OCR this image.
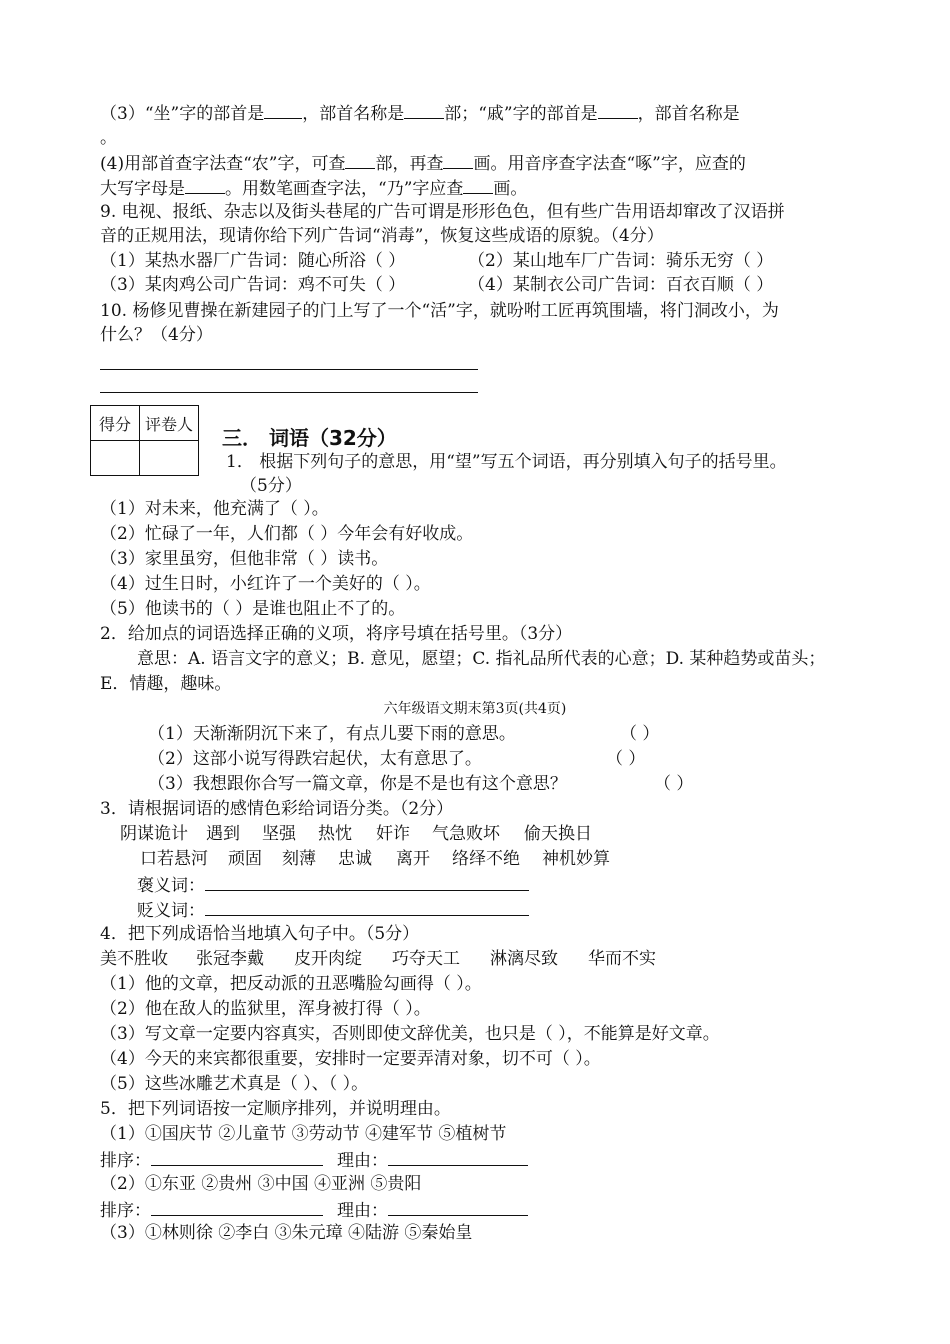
（3）“坐”字的部首是 ，部首名称是 部；“戚”字的部首是 ，部首名称是
。
(4)用部首查字法查“农”字，可查 部，再查 画。用音序查字法查“啄”字，应查的
大写字母是 。用数笔画查字法，“乃”字应查 画。
9. 电视、报纸、杂志以及街头巷尾的广告可谓是形形色色，但有些广告用语却窜改了汉语拼
音的正规用法，现请你给下列广告词“消毒”，恢复这些成语的原貌。（4分）
（1）某热水器厂广告词：随心所浴（ ）	（2）某山地车厂广告词：骑乐无穷（ ）
（3）某肉鸡公司广告词：鸡不可失（ ）	（4）某制衣公司广告词：百衣百顺（ ）
10. 杨修见曹操在新建园子的门上写了一个“活”字，就吩咐工匠再筑围墙，将门洞改小，为
什么？（4分）
得分	评卷人

三． 词语（32分）
1． 根据下列句子的意思，用“望”写五个词语，再分别填入句子的括号里。
（5分）
（1）对未来，他充满了（ ）。
（2）忙碌了一年，人们都（ ）今年会有好收成。
（3）家里虽穷，但他非常（ ）读书。
（4）过生日时，小红许了一个美好的（ ）。
（5）他读书的（ ）是谁也阻止不了的。
2．给加点的词语选择正确的义项，将序号填在括号里。（3分）
意思：A. 语言文字的意义；B. 意见，愿望；C. 指礼品所代表的心意；D. 某种趋势或苗头；
E．情趣，趣味。
六年级语文期末第3页(共4页)
（1）天渐渐阴沉下来了，有点儿要下雨的意思。	（ ）
（2）这部小说写得跌宕起伏，太有意思了。	（ ）
（3）我想跟你合写一篇文章，你是不是也有这个意思？	（ ）
3．请根据词语的感情色彩给词语分类。（2分）
阴谋诡计 遇到 坚强 热忱 奸诈 气急败坏 偷天换日
口若悬河 顽固 刻薄 忠诚 离开 络绎不绝 神机妙算
褒义词：
贬义词：
4．把下列成语恰当地填入句子中。（5分）
美不胜收 张冠李戴 皮开肉绽 巧夺天工 淋漓尽致 华而不实
（1）他的文章，把反动派的丑恶嘴脸勾画得（ ）。
（2）他在敌人的监狱里，浑身被打得（ ）。
（3）写文章一定要内容真实，否则即使文辞优美，也只是（ ），不能算是好文章。
（4）今天的来宾都很重要，安排时一定要弄清对象，切不可（ ）。
（5）这些冰雕艺术真是（ ）、（ ）。
5．把下列词语按一定顺序排列，并说明理由。
（1）①国庆节 ②儿童节 ③劳动节 ④建军节 ⑤植树节
排序：	理由：
（2）①东亚 ②贵州 ③中国 ④亚洲 ⑤贵阳
排序：	理由：
（3）①林则徐 ②李白 ③朱元璋 ④陆游 ⑤秦始皇
